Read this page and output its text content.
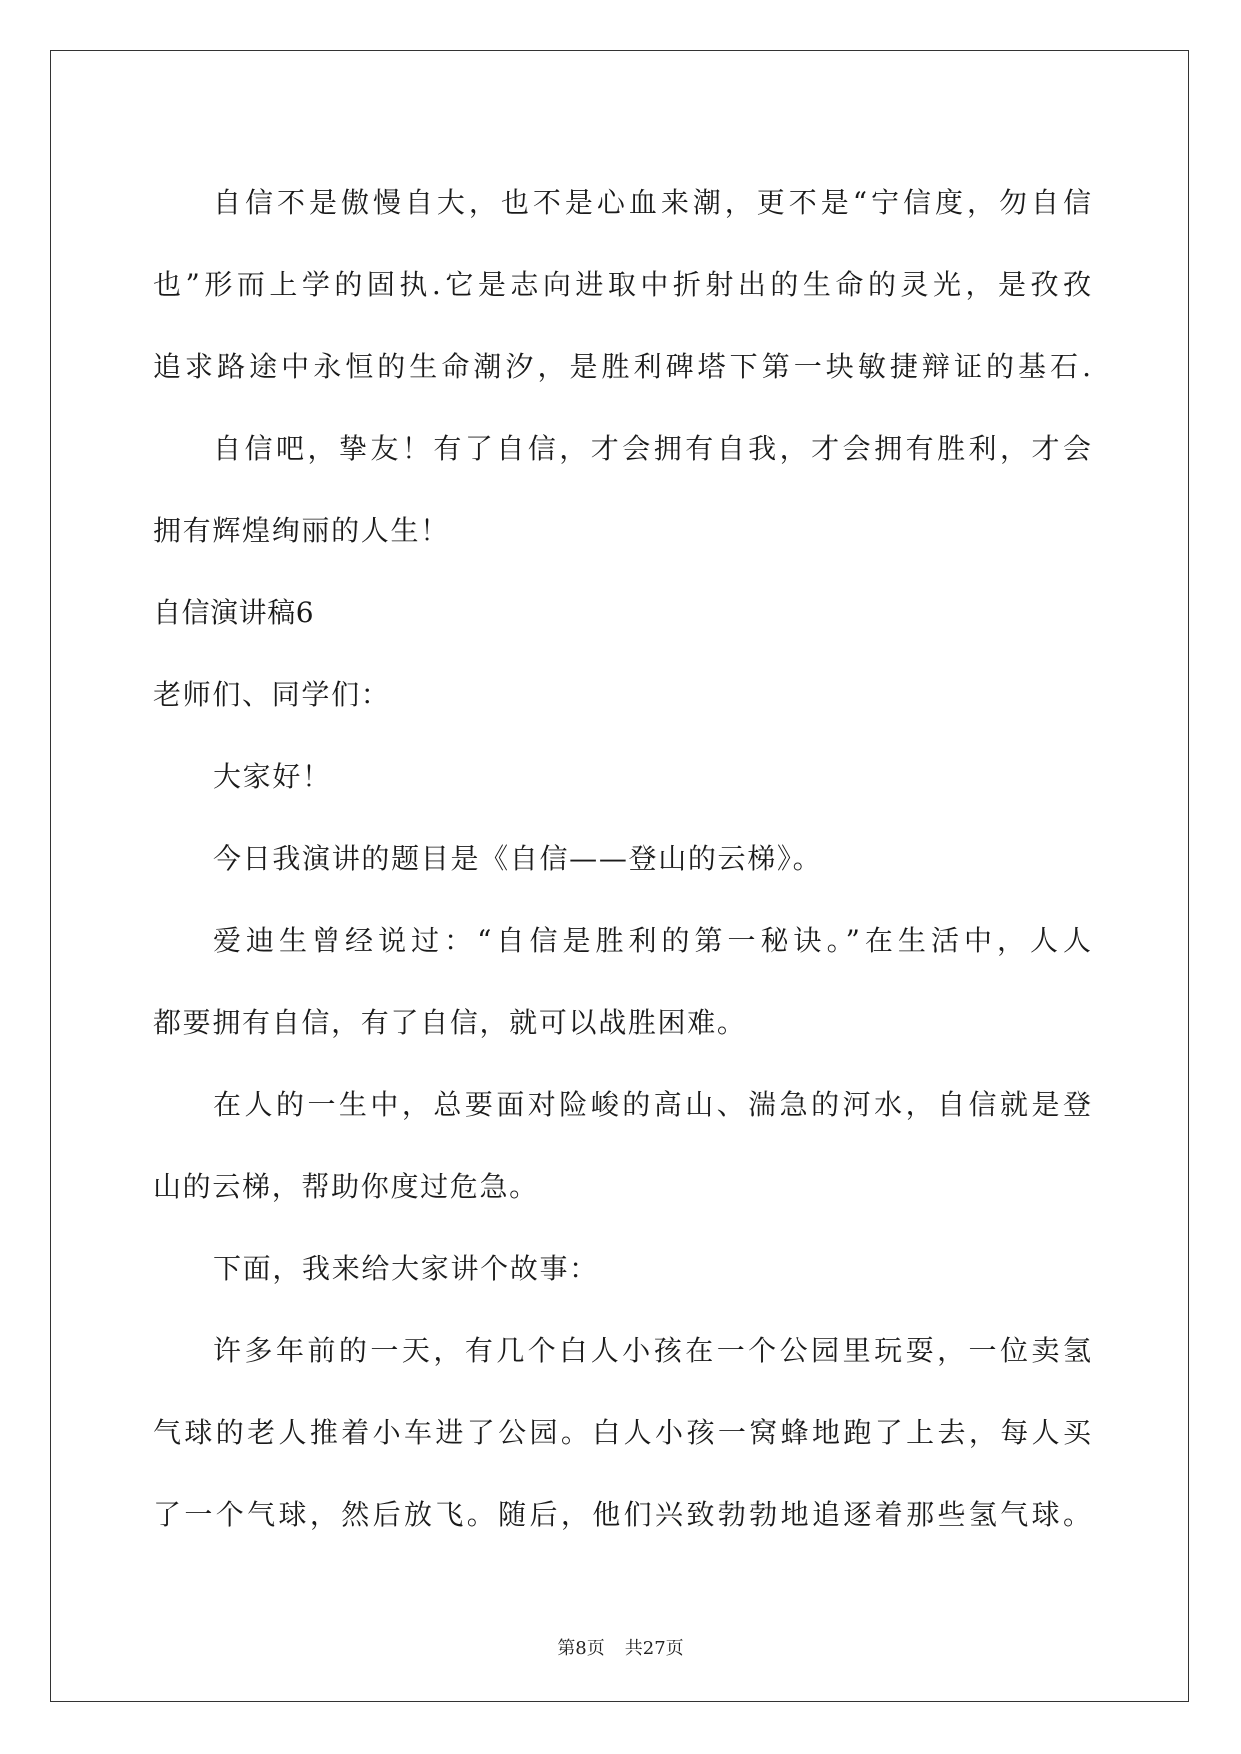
自信不是傲慢自大，也不是心血来潮，更不是“宁信度，勿自信
也”形而上学的固执.它是志向进取中折射出的生命的灵光，是孜孜
追求路途中永恒的生命潮汐，是胜利碑塔下第一块敏捷辩证的基石.
自信吧，挚友！有了自信，才会拥有自我，才会拥有胜利，才会
拥有辉煌绚丽的人生！
自信演讲稿6
老师们、同学们：
大家好！
今日我演讲的题目是《自信——登山的云梯》。
爱迪生曾经说过：“自信是胜利的第一秘诀。”在生活中，人人
都要拥有自信，有了自信，就可以战胜困难。
在人的一生中，总要面对险峻的高山、湍急的河水，自信就是登
山的云梯，帮助你度过危急。
下面，我来给大家讲个故事：
许多年前的一天，有几个白人小孩在一个公园里玩耍，一位卖氢
气球的老人推着小车进了公园。白人小孩一窝蜂地跑了上去，每人买
了一个气球，然后放飞。随后，他们兴致勃勃地追逐着那些氢气球。
第8页 共27页
